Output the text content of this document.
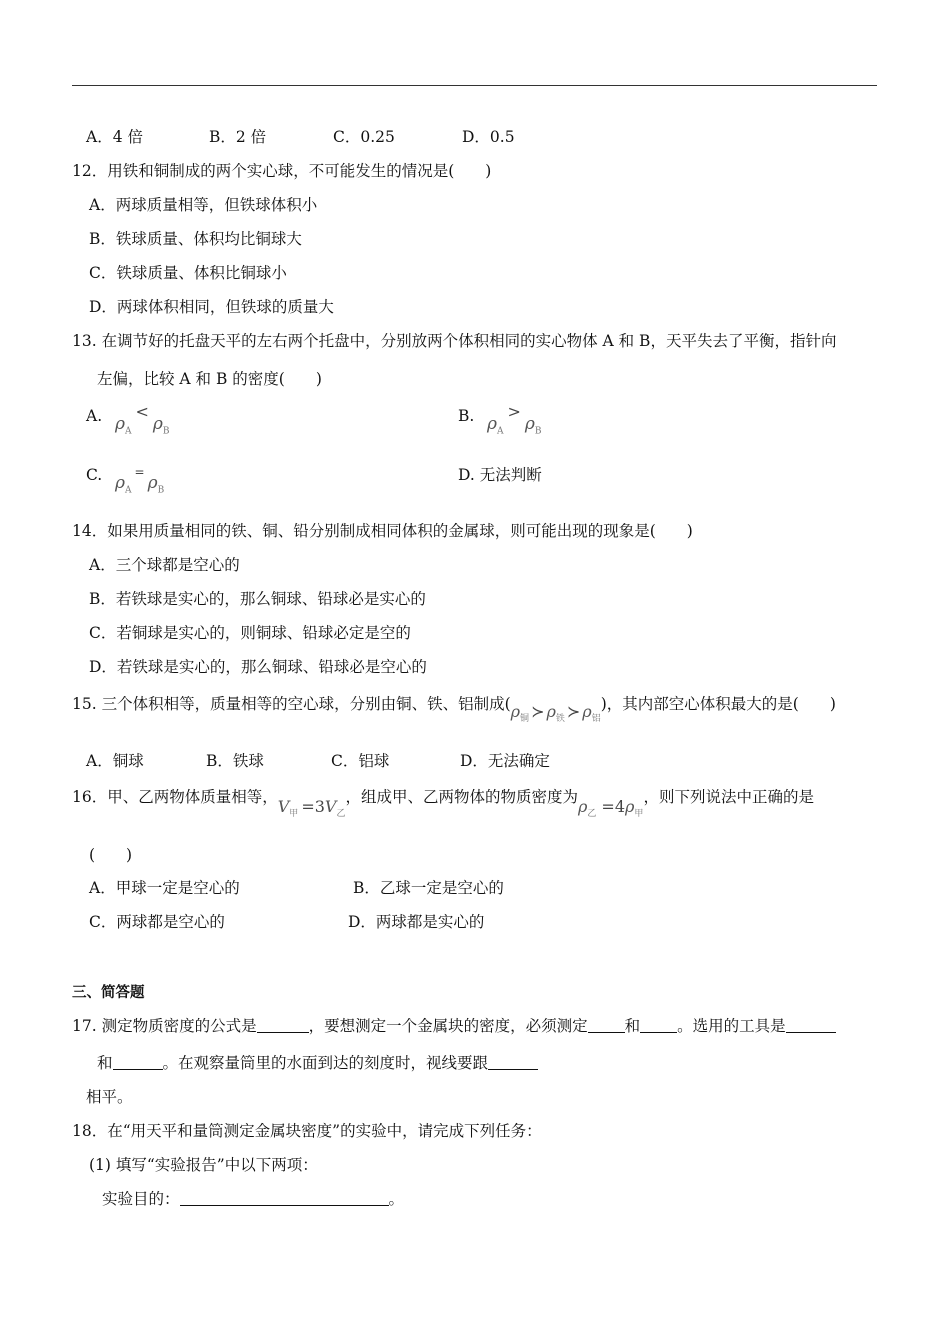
A．4 倍	B．2 倍	C．0.25	D．0.5
12．用铁和铜制成的两个实心球，不可能发生的情况是(　　)
A．两球质量相等，但铁球体积小
B．铁球质量、体积均比铜球大
C．铁球质量、体积比铜球小
D．两球体积相同，但铁球的质量大
13. 在调节好的托盘天平的左右两个托盘中，分别放两个体积相同的实心物体 A 和 B，天平失去了平衡，指针向
左偏，比较 A 和 B 的密度(　　)
A. $\rho_A<\rho_B$
B. $\rho_A>\rho_B$
C. $\rho_A=\rho_B$
D. 无法判断
14．如果用质量相同的铁、铜、铅分别制成相同体积的金属球，则可能出现的现象是(　　)
A．三个球都是空心的
B．若铁球是实心的，那么铜球、铅球必是实心的
C．若铜球是实心的，则铜球、铅球必定是空的
D．若铁球是实心的，那么铜球、铅球必是空心的
15. 三个体积相等，质量相等的空心球，分别由铜、铁、铝制成($\rho_铜$ ≻ $\rho_铁$ ≻ $\rho_铝$)，其内部空心体积最大的是(　　)
A．铜球	B．铁球	C．铝球	D．无法确定
16．甲、乙两物体质量相等，$V_甲 =3V_乙$，组成甲、乙两物体的物质密度为$\rho_乙 =4\rho_甲$，则下列说法中正确的是
(　　)
A．甲球一定是空心的	B．乙球一定是空心的
C．两球都是空心的	D．两球都是实心的
三、简答题
17. 测定物质密度的公式是	，要想测定一个金属块的密度，必须测定 和 。选用的工具是
和	。在观察量筒里的水面到达的刻度时，视线要跟
相平。
18．在“用天平和量筒测定金属块密度”的实验中，请完成下列任务：
(1) 填写“实验报告”中以下两项：
实验目的：	。
